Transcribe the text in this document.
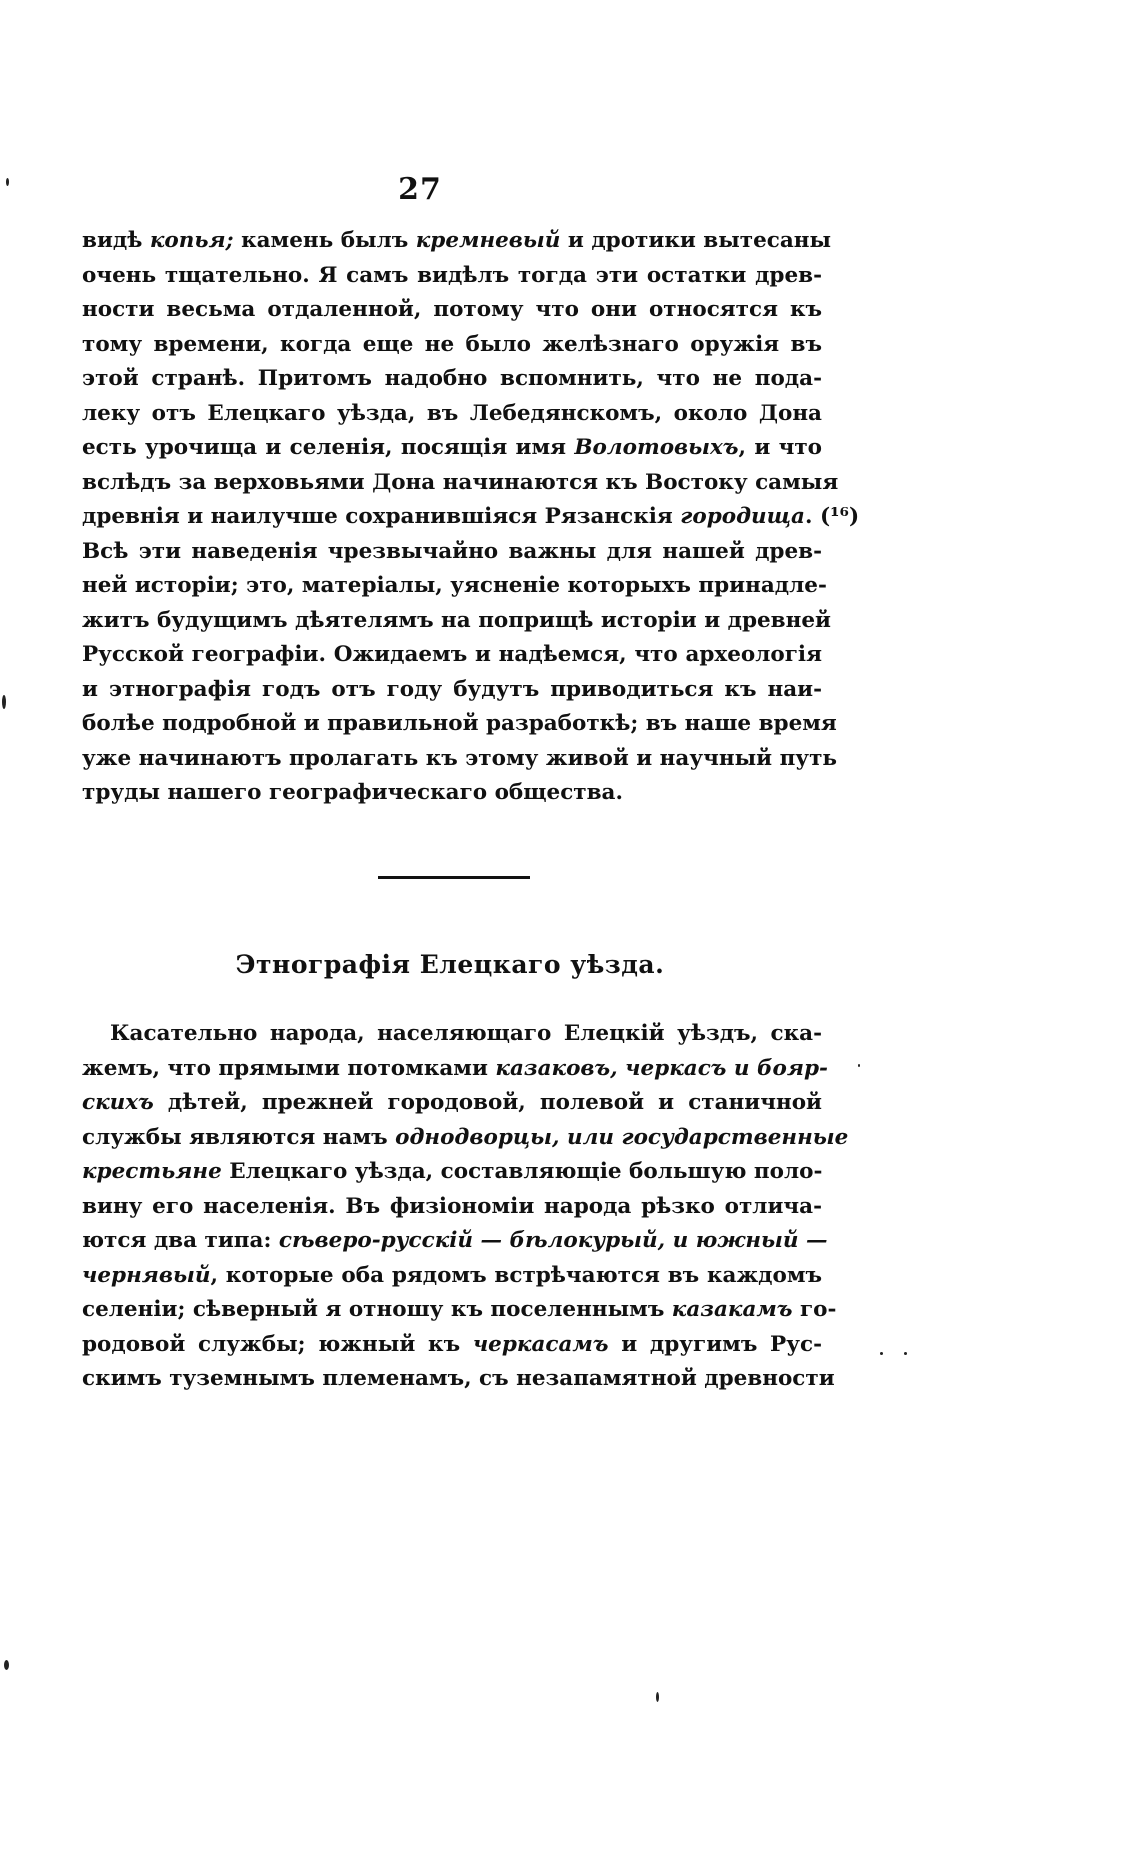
27
видѣ копья; камень былъ кремневый и дротики вытесаны
очень тщательно. Я самъ видѣлъ тогда эти остатки древ-
ности весьма отдаленной, потому что они относятся къ
тому времени, когда еще не было желѣзнаго оружія въ
этой странѣ. Притомъ надобно вспомнить, что не пода-
леку отъ Елецкаго уѣзда, въ Лебедянскомъ, около Дона
есть урочища и селенія, посящія имя Волотовыхъ, и что
вслѣдъ за верховьями Дона начинаются къ Востоку самыя
древнія и наилучше сохранившіяся Рязанскія городища. (¹⁶)
Всѣ эти наведенія чрезвычайно важны для нашей древ-
ней исторіи; это, матеріалы, уясненіе которыхъ принадле-
житъ будущимъ дѣятелямъ на поприщѣ исторіи и древней
Русской географіи. Ожидаемъ и надѣемся, что археологія
и этнографія годъ отъ году будутъ приводиться къ наи-
болѣе подробной и правильной разработкѣ; въ наше время
уже начинаютъ пролагать къ этому живой и научный путь
труды нашего географическаго общества.
Этнографія Елецкаго уѣзда.
Касательно народа, населяющаго Елецкій уѣздъ, ска-
жемъ, что прямыми потомками казаковъ, черкасъ и бояр-
скихъ дѣтей, прежней городовой, полевой и станичной
службы являются намъ однодворцы, или государственные
крестьяне Елецкаго уѣзда, составляющіе большую поло-
вину его населенія. Въ физіономіи народа рѣзко отлича-
ются два типа: сѣверо-русскій — бѣлокурый, и южный —
чернявый, которые оба рядомъ встрѣчаются въ каждомъ
селеніи; сѣверный я отношу къ поселеннымъ казакамъ го-
родовой службы; южный къ черкасамъ и другимъ Рус-
скимъ туземнымъ племенамъ, съ незапамятной древности
